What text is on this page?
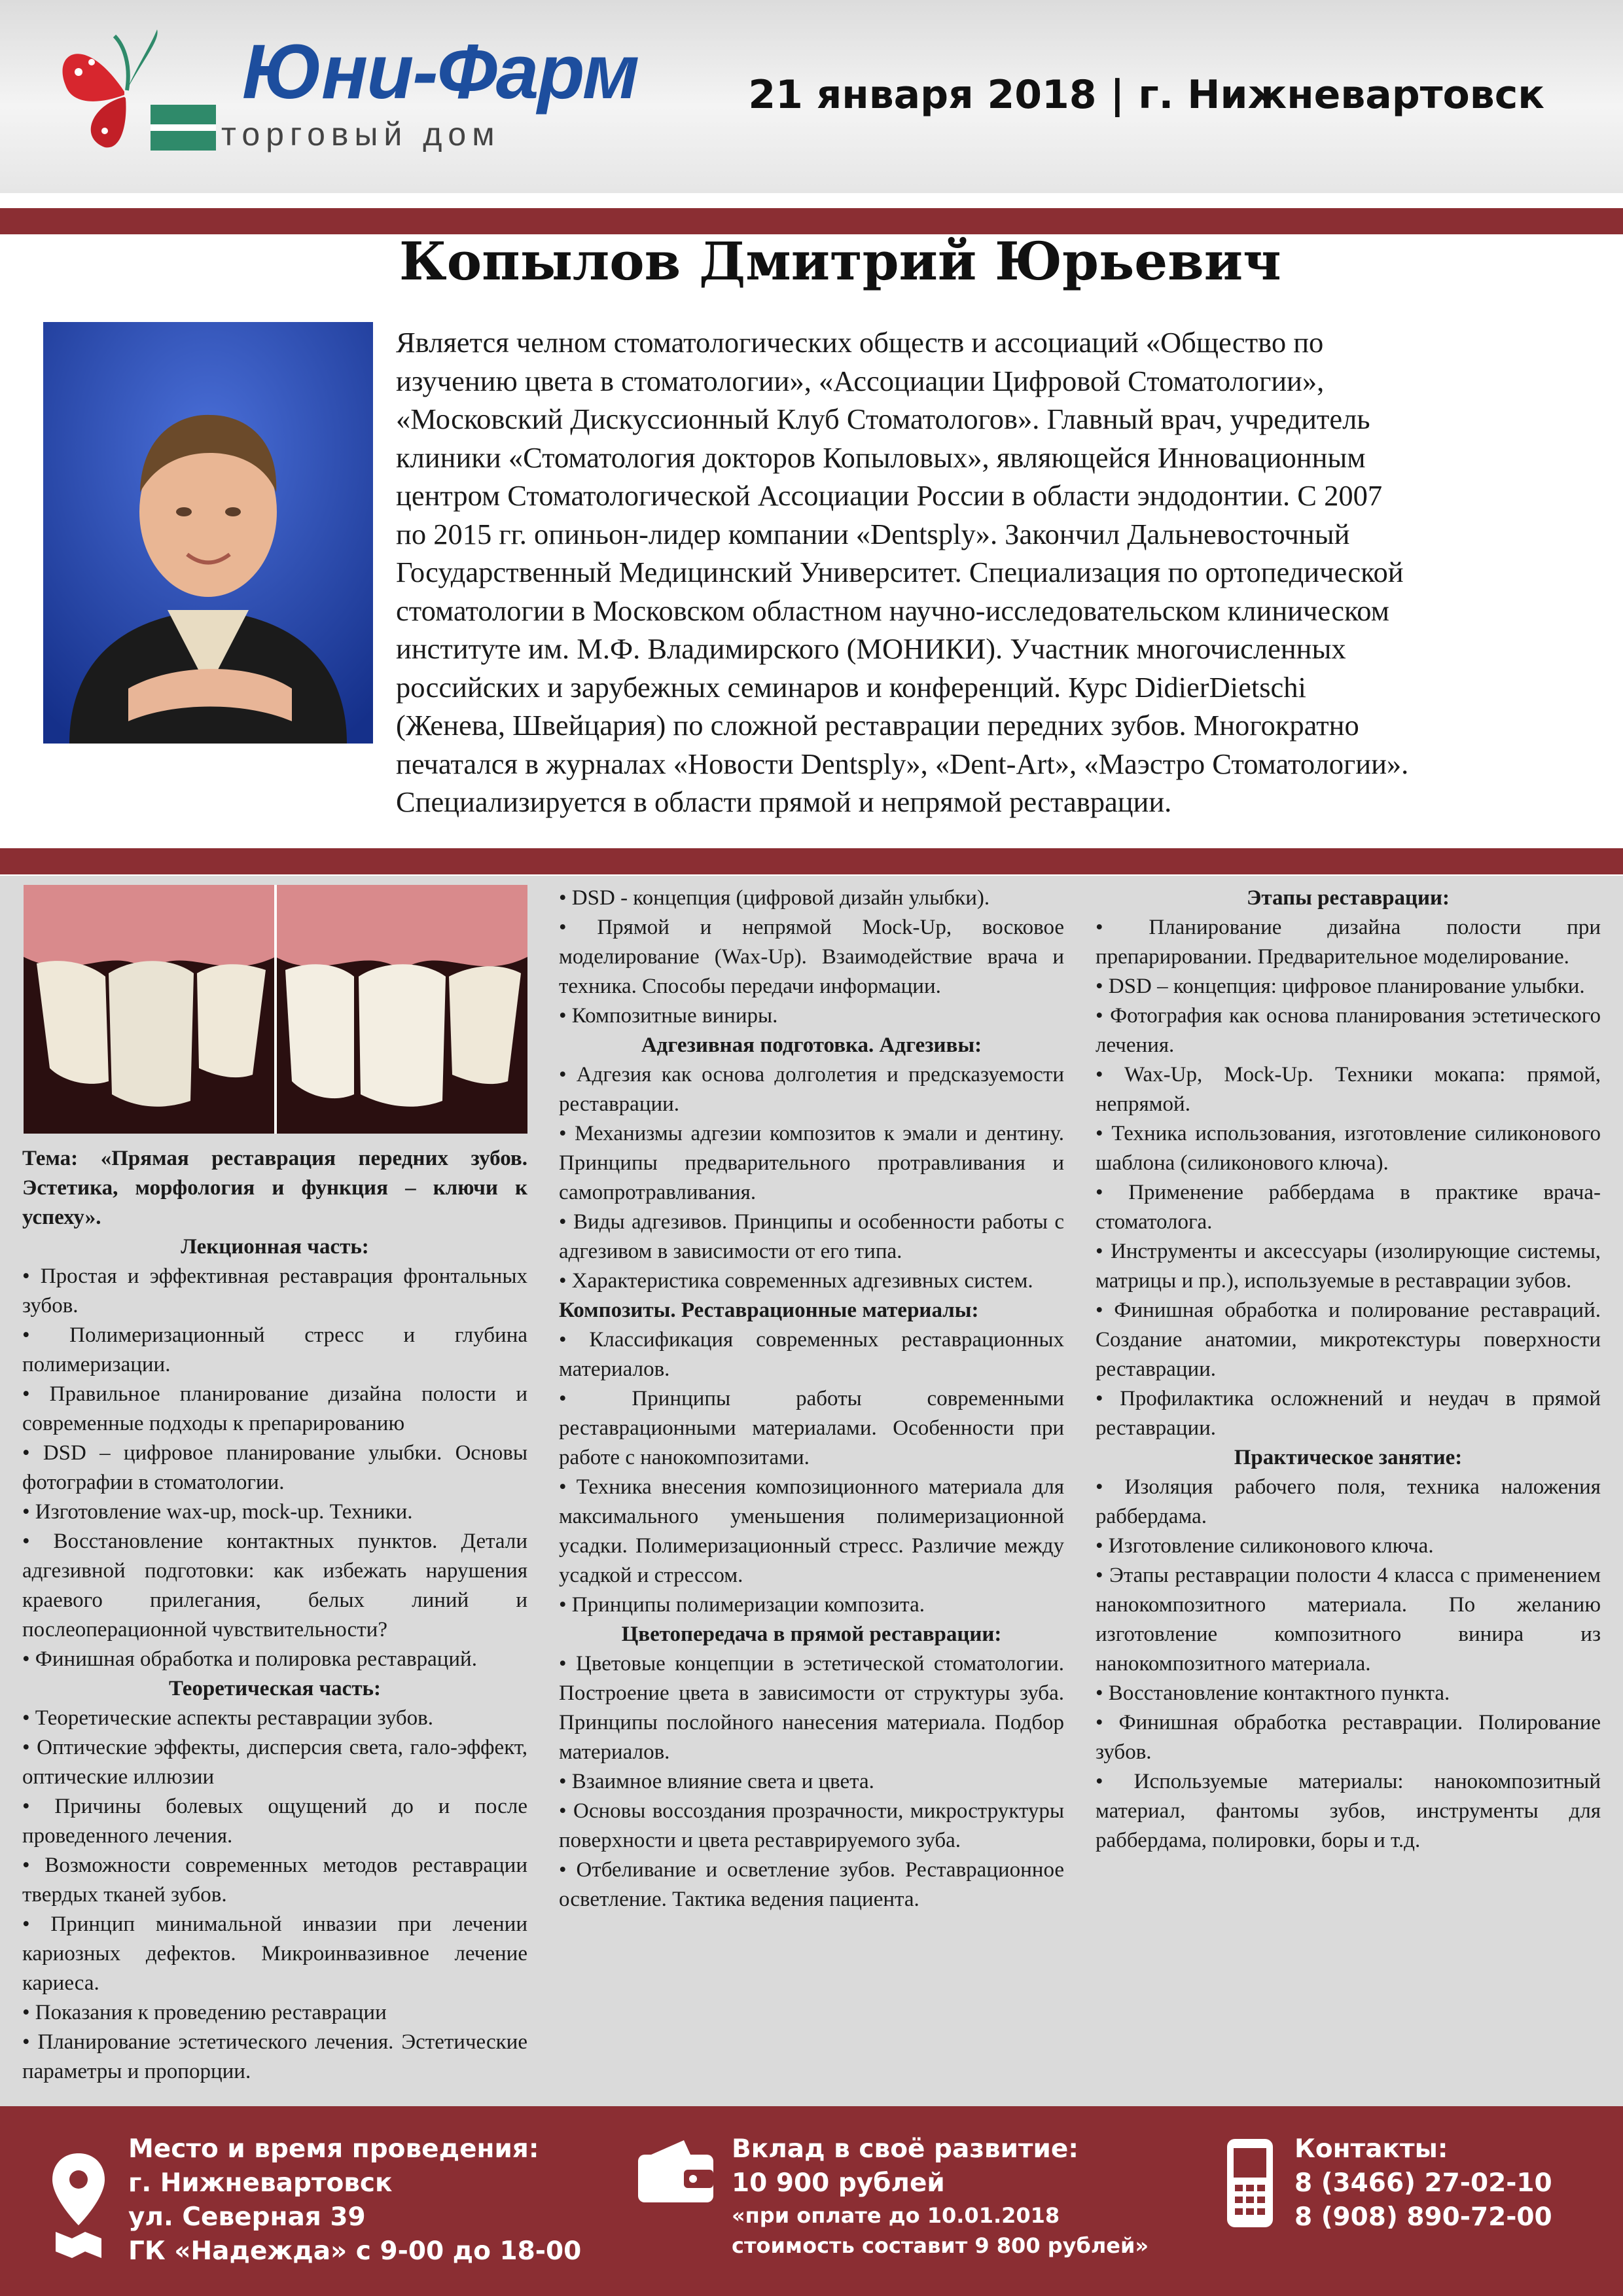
Юни-Фарм
торговый дом
21 января 2018 | г. Нижневартовск
Копылов Дмитрий Юрьевич
Является челном стоматологических обществ и ассоциаций «Общество по
изучению цвета в стоматологии», «Ассоциации Цифровой Стоматологии»,
«Московский Дискуссионный Клуб Стоматологов». Главный врач, учредитель
клиники «Стоматология докторов Копыловых», являющейся Инновационным
центром Стоматологической Ассоциации России в области эндодонтии. С 2007
по 2015 гг. опиньон-лидер компании «Dentsply». Закончил Дальневосточный
Государственный Медицинский Университет. Специализация по ортопедической
стоматологии в Московском областном научно-исследовательском клиническом
институте им. М.Ф. Владимирского (МОНИКИ). Участник многочисленных
российских и зарубежных семинаров и конференций. Курс DidierDietschi
(Женева, Швейцария) по сложной реставрации передних зубов. Многократно
печатался в журналах «Новости Dentsply», «Dent-Art», «Маэстро Стоматологии».
Специализируется в области прямой и непрямой реставрации.

Тема: «Прямая реставрация передних зубов. Эстетика, морфология и функция – ключи к успеху».

Лекционная часть:

• Простая и эффективная реставрация фронтальных зубов.

• Полимеризационный стресс и глубина полимеризации.

• Правильное планирование дизайна полости и современные подходы к препарированию

• DSD – цифровое планирование улыбки. Основы фотографии в стоматологии.

• Изготовление wax-up, mock-up. Техники.

• Восстановление контактных пунктов. Детали адгезивной подготовки: как избежать нарушения краевого прилегания, белых линий и послеоперационной чувствительности?

• Финишная обработка и полировка реставраций.

Теоретическая часть:

• Теоретические аспекты реставрации зубов.

• Оптические эффекты, дисперсия света, гало-эффект, оптические иллюзии

• Причины болевых ощущений до и после проведенного лечения.

• Возможности современных методов реставрации твердых тканей зубов.

• Принцип минимальной инвазии при лечении кариозных дефектов. Микроинвазивное лечение кариеса.

• Показания к проведению реставрации

• Планирование эстетического лечения. Эстетические параметры и пропорции.

• DSD - концепция (цифровой дизайн улыбки).

• Прямой и непрямой Mock-Up, восковое моделирование (Wax-Up). Взаимодействие врача и техника. Способы передачи информации.

• Композитные виниры.

Адгезивная подготовка. Адгезивы:

• Адгезия как основа долголетия и предсказуемости реставрации.

• Механизмы адгезии композитов к эмали и дентину. Принципы предварительного протравливания и самопротравливания.

• Виды адгезивов. Принципы и особенности работы с адгезивом в зависимости от его типа.

• Характеристика современных адгезивных систем.

Композиты. Реставрационные материалы:

• Классификация современных реставрационных материалов.

• Принципы работы современными реставрационными материалами. Особенности при работе с нанокомпозитами.

• Техника внесения композиционного материала для максимального уменьшения полимеризационной усадки. Полимеризационный стресс. Различие между усадкой и стрессом.

• Принципы полимеризации композита.

Цветопередача в прямой реставрации:

• Цветовые концепции в эстетической стоматологии. Построение цвета в зависимости от структуры зуба. Принципы послойного нанесения материала. Подбор материалов.

• Взаимное влияние света и цвета.

• Основы воссоздания прозрачности, микроструктуры поверхности и цвета реставрируемого зуба.

• Отбеливание и осветление зубов. Реставрационное осветление. Тактика ведения пациента.

Этапы реставрации:

• Планирование дизайна полости при препарировании. Предварительное моделирование.

• DSD – концепция: цифровое планирование улыбки.

• Фотография как основа планирования эстетического лечения.

• Wax-Up, Mock-Up. Техники мокапа: прямой, непрямой.

• Техника использования, изготовление силиконового шаблона (силиконового ключа).

• Применение раббердама в практике врача-стоматолога.

• Инструменты и аксессуары (изолирующие системы, матрицы и пр.), используемые в реставрации зубов.

• Финишная обработка и полирование реставраций. Создание анатомии, микротекстуры поверхности реставрации.

• Профилактика осложнений и неудач в прямой реставрации.

Практическое занятие:

• Изоляция рабочего поля, техника наложения раббердама.

• Изготовление силиконового ключа.

• Этапы реставрации полости 4 класса с применением нанокомпозитного материала. По желанию изготовление композитного винира из нанокомпозитного материала.

• Восстановление контактного пункта.

• Финишная обработка реставрации. Полирование зубов.

• Используемые материалы: нанокомпозитный материал, фантомы зубов, инструменты для раббердама, полировки, боры и т.д.

Место и время проведения:
г. Нижневартовск
ул. Северная 39
ГК «Надежда» с 9-00 до 18-00
Вклад в своё развитие:
10 900 рублей
«при оплате до 10.01.2018
стоимость составит 9 800 рублей»
Контакты:
8 (3466) 27-02-10
8 (908) 890-72-00
